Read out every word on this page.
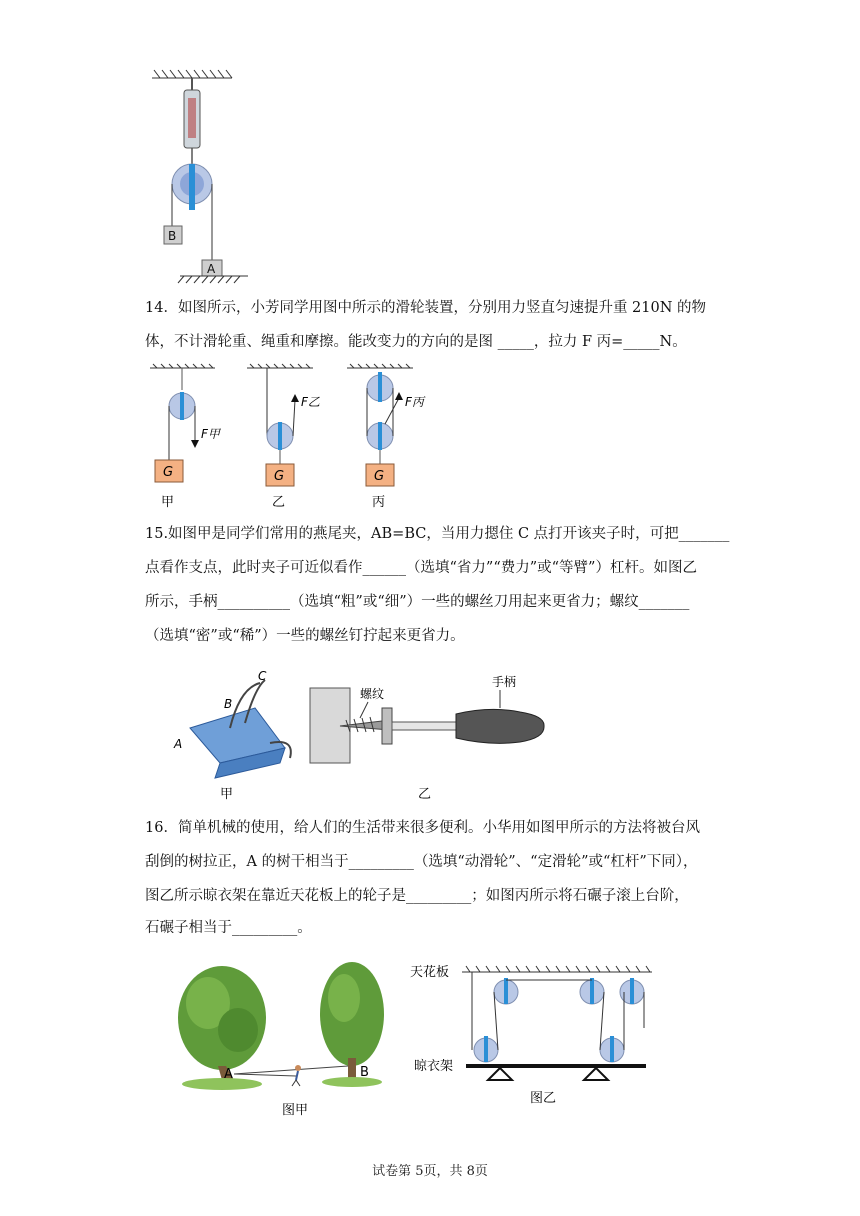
B
A
14．如图所示，小芳同学用图中所示的滑轮装置，分别用力竖直匀速提升重 210N 的物
体，不计滑轮重、绳重和摩擦。能改变力的方向的是图 _____，拉力 F 丙=_____N。
F甲
G
甲
F乙
G
乙
F丙
G
丙
15.如图甲是同学们常用的燕尾夹，AB=BC，当用力摁住 C 点打开该夹子时，可把_______
点看作支点，此时夹子可近似看作______（选填“省力”“费力”或“等臂”）杠杆。如图乙
所示，手柄__________（选填“粗”或“细”）一些的螺丝刀用起来更省力；螺纹_______
（选填“密”或“稀”）一些的螺丝钉拧起来更省力。
A
B
C
甲
螺纹
手柄
乙
16．简单机械的使用，给人们的生活带来很多便利。小华用如图甲所示的方法将被台风
刮倒的树拉正，A 的树干相当于_________（选填“动滑轮”、“定滑轮”或“杠杆”下同），
图乙所示晾衣架在靠近天花板上的轮子是_________；如图丙所示将石碾子滚上台阶，
石碾子相当于_________。
A	B
图甲
天花板
晾衣架
图乙
试卷第 5页，共 8页
